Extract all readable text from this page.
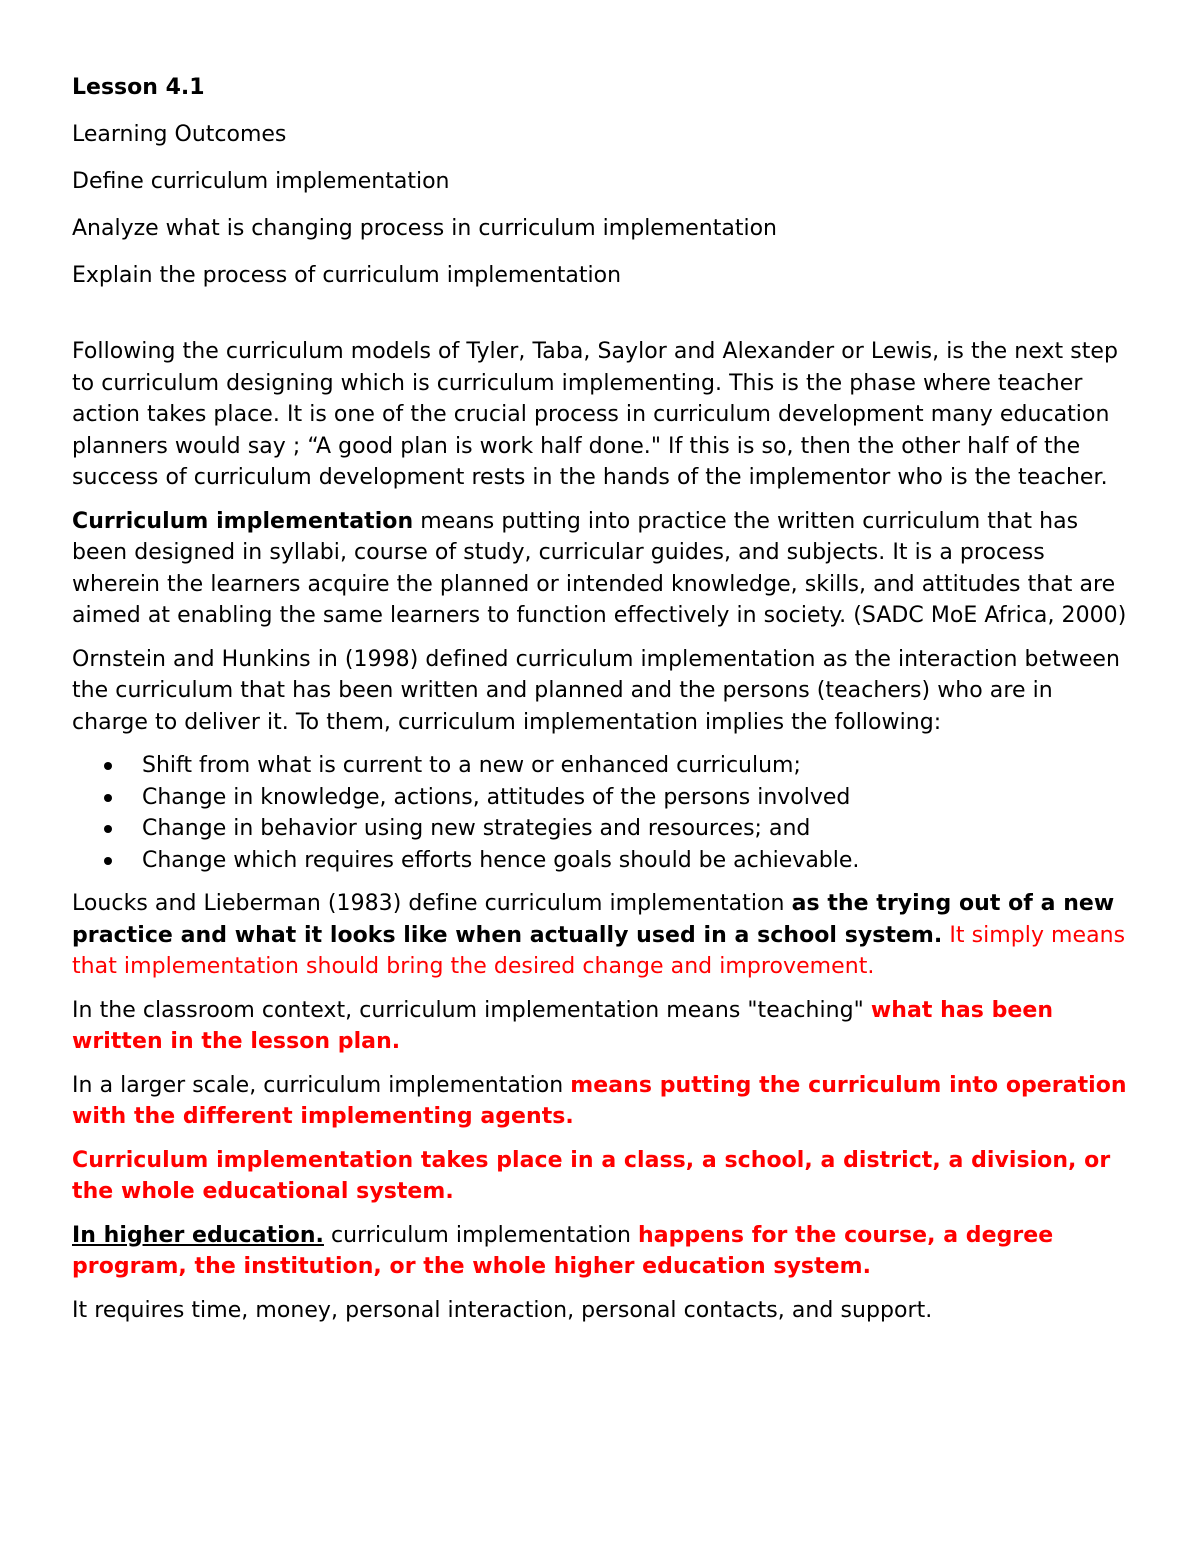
Lesson 4.1

Learning Outcomes

Define curriculum implementation

Analyze what is changing process in curriculum implementation

Explain the process of curriculum implementation

Following the curriculum models of Tyler, Taba, Saylor and Alexander or Lewis, is the next step to curriculum designing which is curriculum implementing. This is the phase where teacher action takes place. It is one of the crucial process in curriculum development many education planners would say ; “A good plan is work half done." If this is so, then the other half of the success of curriculum development rests in the hands of the implementor who is the teacher.

Curriculum implementation means putting into practice the written curriculum that has been designed in syllabi, course of study, curricular guides, and subjects. It is a process wherein the learners acquire the planned or intended knowledge, skills, and attitudes that are aimed at enabling the same learners to function effectively in society. (SADC MoE Africa, 2000)

Ornstein and Hunkins in (1998) defined curriculum implementation as the interaction between the curriculum that has been written and planned and the persons (teachers) who are in charge to deliver it. To them, curriculum implementation implies the following:

Shift from what is current to a new or enhanced curriculum;
Change in knowledge, actions, attitudes of the persons involved
Change in behavior using new strategies and resources; and
Change which requires efforts hence goals should be achievable.

Loucks and Lieberman (1983) define curriculum implementation as the trying out of a new practice and what it looks like when actually used in a school system. It simply means that implementation should bring the desired change and improvement.

In the classroom context, curriculum implementation means "teaching" what has been written in the lesson plan.

In a larger scale, curriculum implementation means putting the curriculum into operation with the different implementing agents.

Curriculum implementation takes place in a class, a school, a district, a division, or the whole educational system.

In higher education. curriculum implementation happens for the course, a degree program, the institution, or the whole higher education system.

It requires time, money, personal interaction, personal contacts, and support.
